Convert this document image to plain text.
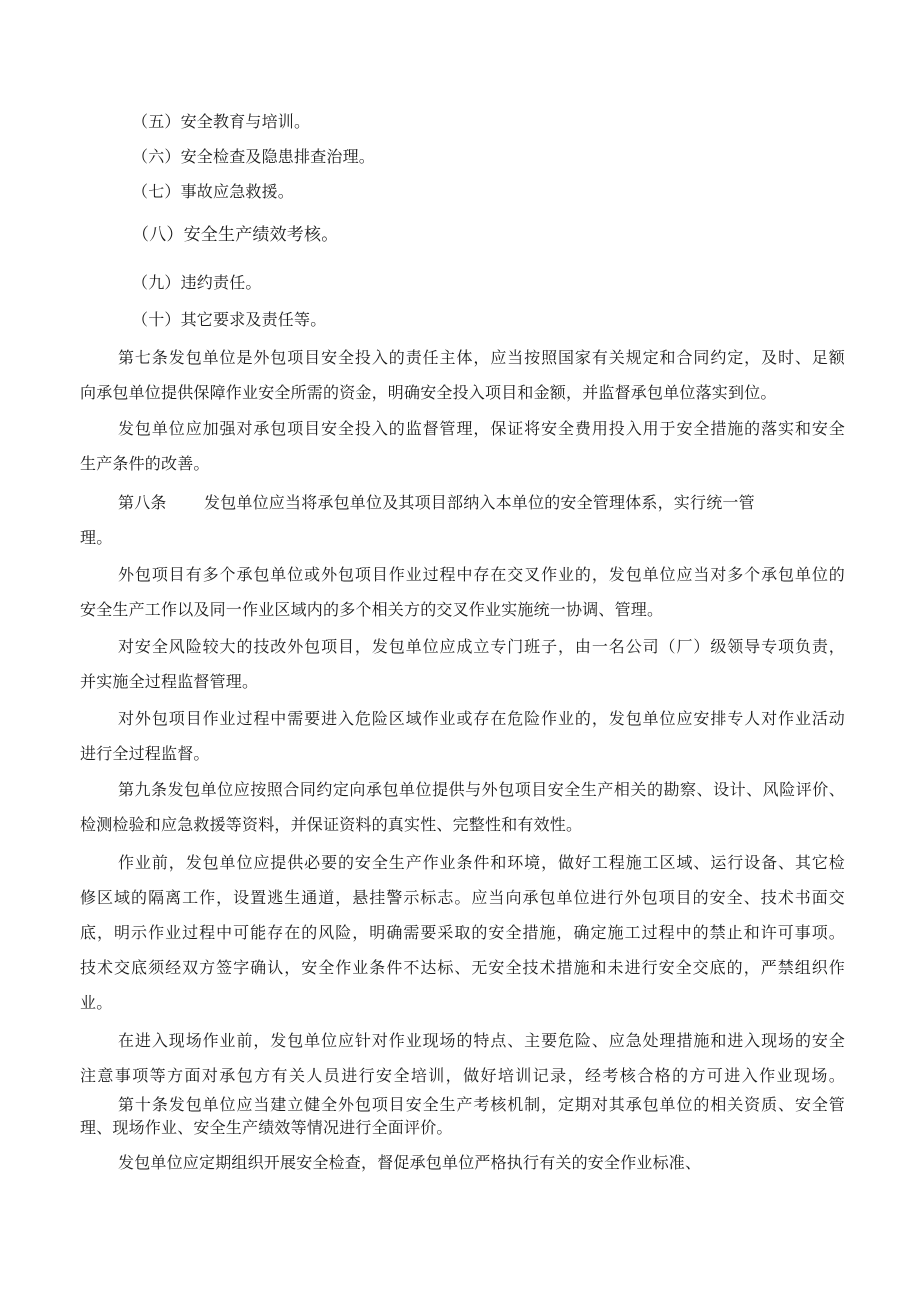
（五）安全教育与培训。
（六）安全检查及隐患排查治理。
（七）事故应急救援。
（八）安全生产绩效考核。
（九）违约责任。
（十）其它要求及责任等。
第七条发包单位是外包项目安全投入的责任主体，应当按照国家有关规定和合同约定，及时、足额
向承包单位提供保障作业安全所需的资金，明确安全投入项目和金额，并监督承包单位落实到位。
发包单位应加强对承包项目安全投入的监督管理，保证将安全费用投入用于安全措施的落实和安全
生产条件的改善。
第八条 发包单位应当将承包单位及其项目部纳入本单位的安全管理体系，实行统一管
理。
外包项目有多个承包单位或外包项目作业过程中存在交叉作业的，发包单位应当对多个承包单位的
安全生产工作以及同一作业区域内的多个相关方的交叉作业实施统一协调、管理。
对安全风险较大的技改外包项目，发包单位应成立专门班子，由一名公司（厂）级领导专项负责，
并实施全过程监督管理。
对外包项目作业过程中需要进入危险区域作业或存在危险作业的，发包单位应安排专人对作业活动
进行全过程监督。
第九条发包单位应按照合同约定向承包单位提供与外包项目安全生产相关的勘察、设计、风险评价、
检测检验和应急救援等资料，并保证资料的真实性、完整性和有效性。
作业前，发包单位应提供必要的安全生产作业条件和环境，做好工程施工区域、运行设备、其它检
修区域的隔离工作，设置逃生通道，悬挂警示标志。应当向承包单位进行外包项目的安全、技术书面交
底，明示作业过程中可能存在的风险，明确需要采取的安全措施，确定施工过程中的禁止和许可事项。
技术交底须经双方签字确认，安全作业条件不达标、无安全技术措施和未进行安全交底的，严禁组织作
业。
在进入现场作业前，发包单位应针对作业现场的特点、主要危险、应急处理措施和进入现场的安全
注意事项等方面对承包方有关人员进行安全培训，做好培训记录，经考核合格的方可进入作业现场。
第十条发包单位应当建立健全外包项目安全生产考核机制，定期对其承包单位的相关资质、安全管
理、现场作业、安全生产绩效等情况进行全面评价。
发包单位应定期组织开展安全检查，督促承包单位严格执行有关的安全作业标准、
